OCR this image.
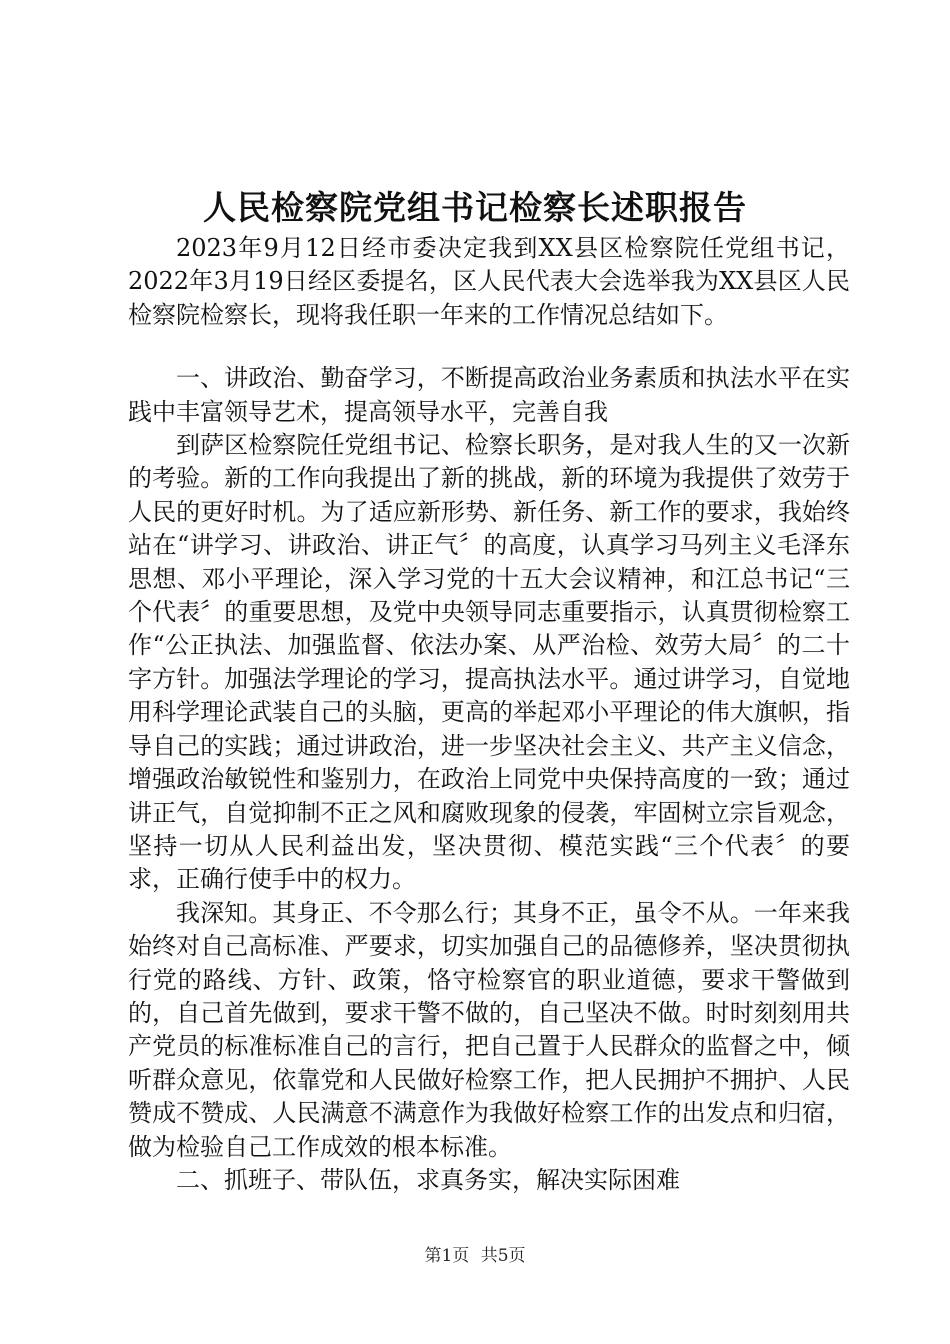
人民检察院党组书记检察长述职报告

2023年9月12日经市委决定我到XX县区检察院任党组书记，2022年3月19日经区委提名，区人民代表大会选举我为XX县区人民检察院检察长，现将我任职一年来的工作情况总结如下。

一、讲政治、勤奋学习，不断提高政治业务素质和执法水平在实践中丰富领导艺术，提高领导水平，完善自我

到萨区检察院任党组书记、检察长职务，是对我人生的又一次新的考验。新的工作向我提出了新的挑战，新的环境为我提供了效劳于人民的更好时机。为了适应新形势、新任务、新工作的要求，我始终站在“讲学习、讲政治、讲正气〞的高度，认真学习马列主义毛泽东思想、邓小平理论，深入学习党的十五大会议精神，和江总书记“三个代表〞的重要思想，及党中央领导同志重要指示，认真贯彻检察工作“公正执法、加强监督、依法办案、从严治检、效劳大局〞的二十字方针。加强法学理论的学习，提高执法水平。通过讲学习，自觉地用科学理论武装自己的头脑，更高的举起邓小平理论的伟大旗帜，指导自己的实践；通过讲政治，进一步坚决社会主义、共产主义信念，增强政治敏锐性和鉴别力，在政治上同党中央保持高度的一致；通过讲正气，自觉抑制不正之风和腐败现象的侵袭，牢固树立宗旨观念，坚持一切从人民利益出发，坚决贯彻、模范实践“三个代表〞的要求，正确行使手中的权力。

我深知。其身正、不令那么行；其身不正，虽令不从。一年来我始终对自己高标准、严要求，切实加强自己的品德修养，坚决贯彻执行党的路线、方针、政策，恪守检察官的职业道德，要求干警做到的，自己首先做到，要求干警不做的，自己坚决不做。时时刻刻用共产党员的标准标准自己的言行，把自己置于人民群众的监督之中，倾听群众意见，依靠党和人民做好检察工作，把人民拥护不拥护、人民赞成不赞成、人民满意不满意作为我做好检察工作的出发点和归宿，做为检验自己工作成效的根本标准。

二、抓班子、带队伍，求真务实，解决实际困难

第1页 共5页
